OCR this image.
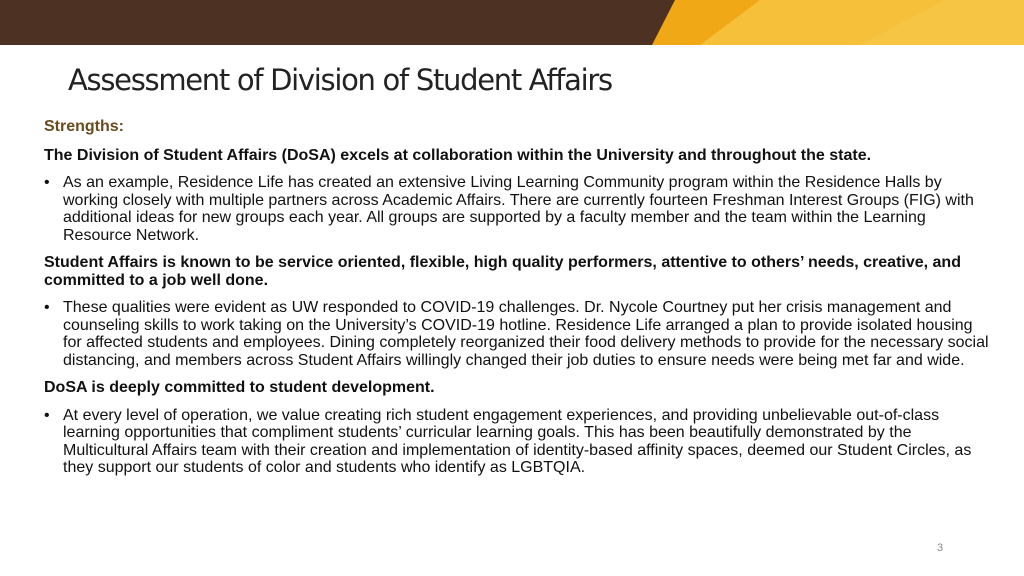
Assessment of Division of Student Affairs
Strengths:
The Division of Student Affairs (DoSA) excels at collaboration within the University and throughout the state.
• As an example, Residence Life has created an extensive Living Learning Community program within the Residence Halls by working closely with multiple partners across Academic Affairs. There are currently fourteen Freshman Interest Groups (FIG) with additional ideas for new groups each year. All groups are supported by a faculty member and the team within the Learning Resource Network.
Student Affairs is known to be service oriented, flexible, high quality performers, attentive to others’ needs, creative, and committed to a job well done.
• These qualities were evident as UW responded to COVID-19 challenges. Dr. Nycole Courtney put her crisis management and counseling skills to work taking on the University’s COVID-19 hotline. Residence Life arranged a plan to provide isolated housing for affected students and employees. Dining completely reorganized their food delivery methods to provide for the necessary social distancing, and members across Student Affairs willingly changed their job duties to ensure needs were being met far and wide.
DoSA is deeply committed to student development.
• At every level of operation, we value creating rich student engagement experiences, and providing unbelievable out-of-class learning opportunities that compliment students’ curricular learning goals. This has been beautifully demonstrated by the Multicultural Affairs team with their creation and implementation of identity-based affinity spaces, deemed our Student Circles, as they support our students of color and students who identify as LGBTQIA.
3
